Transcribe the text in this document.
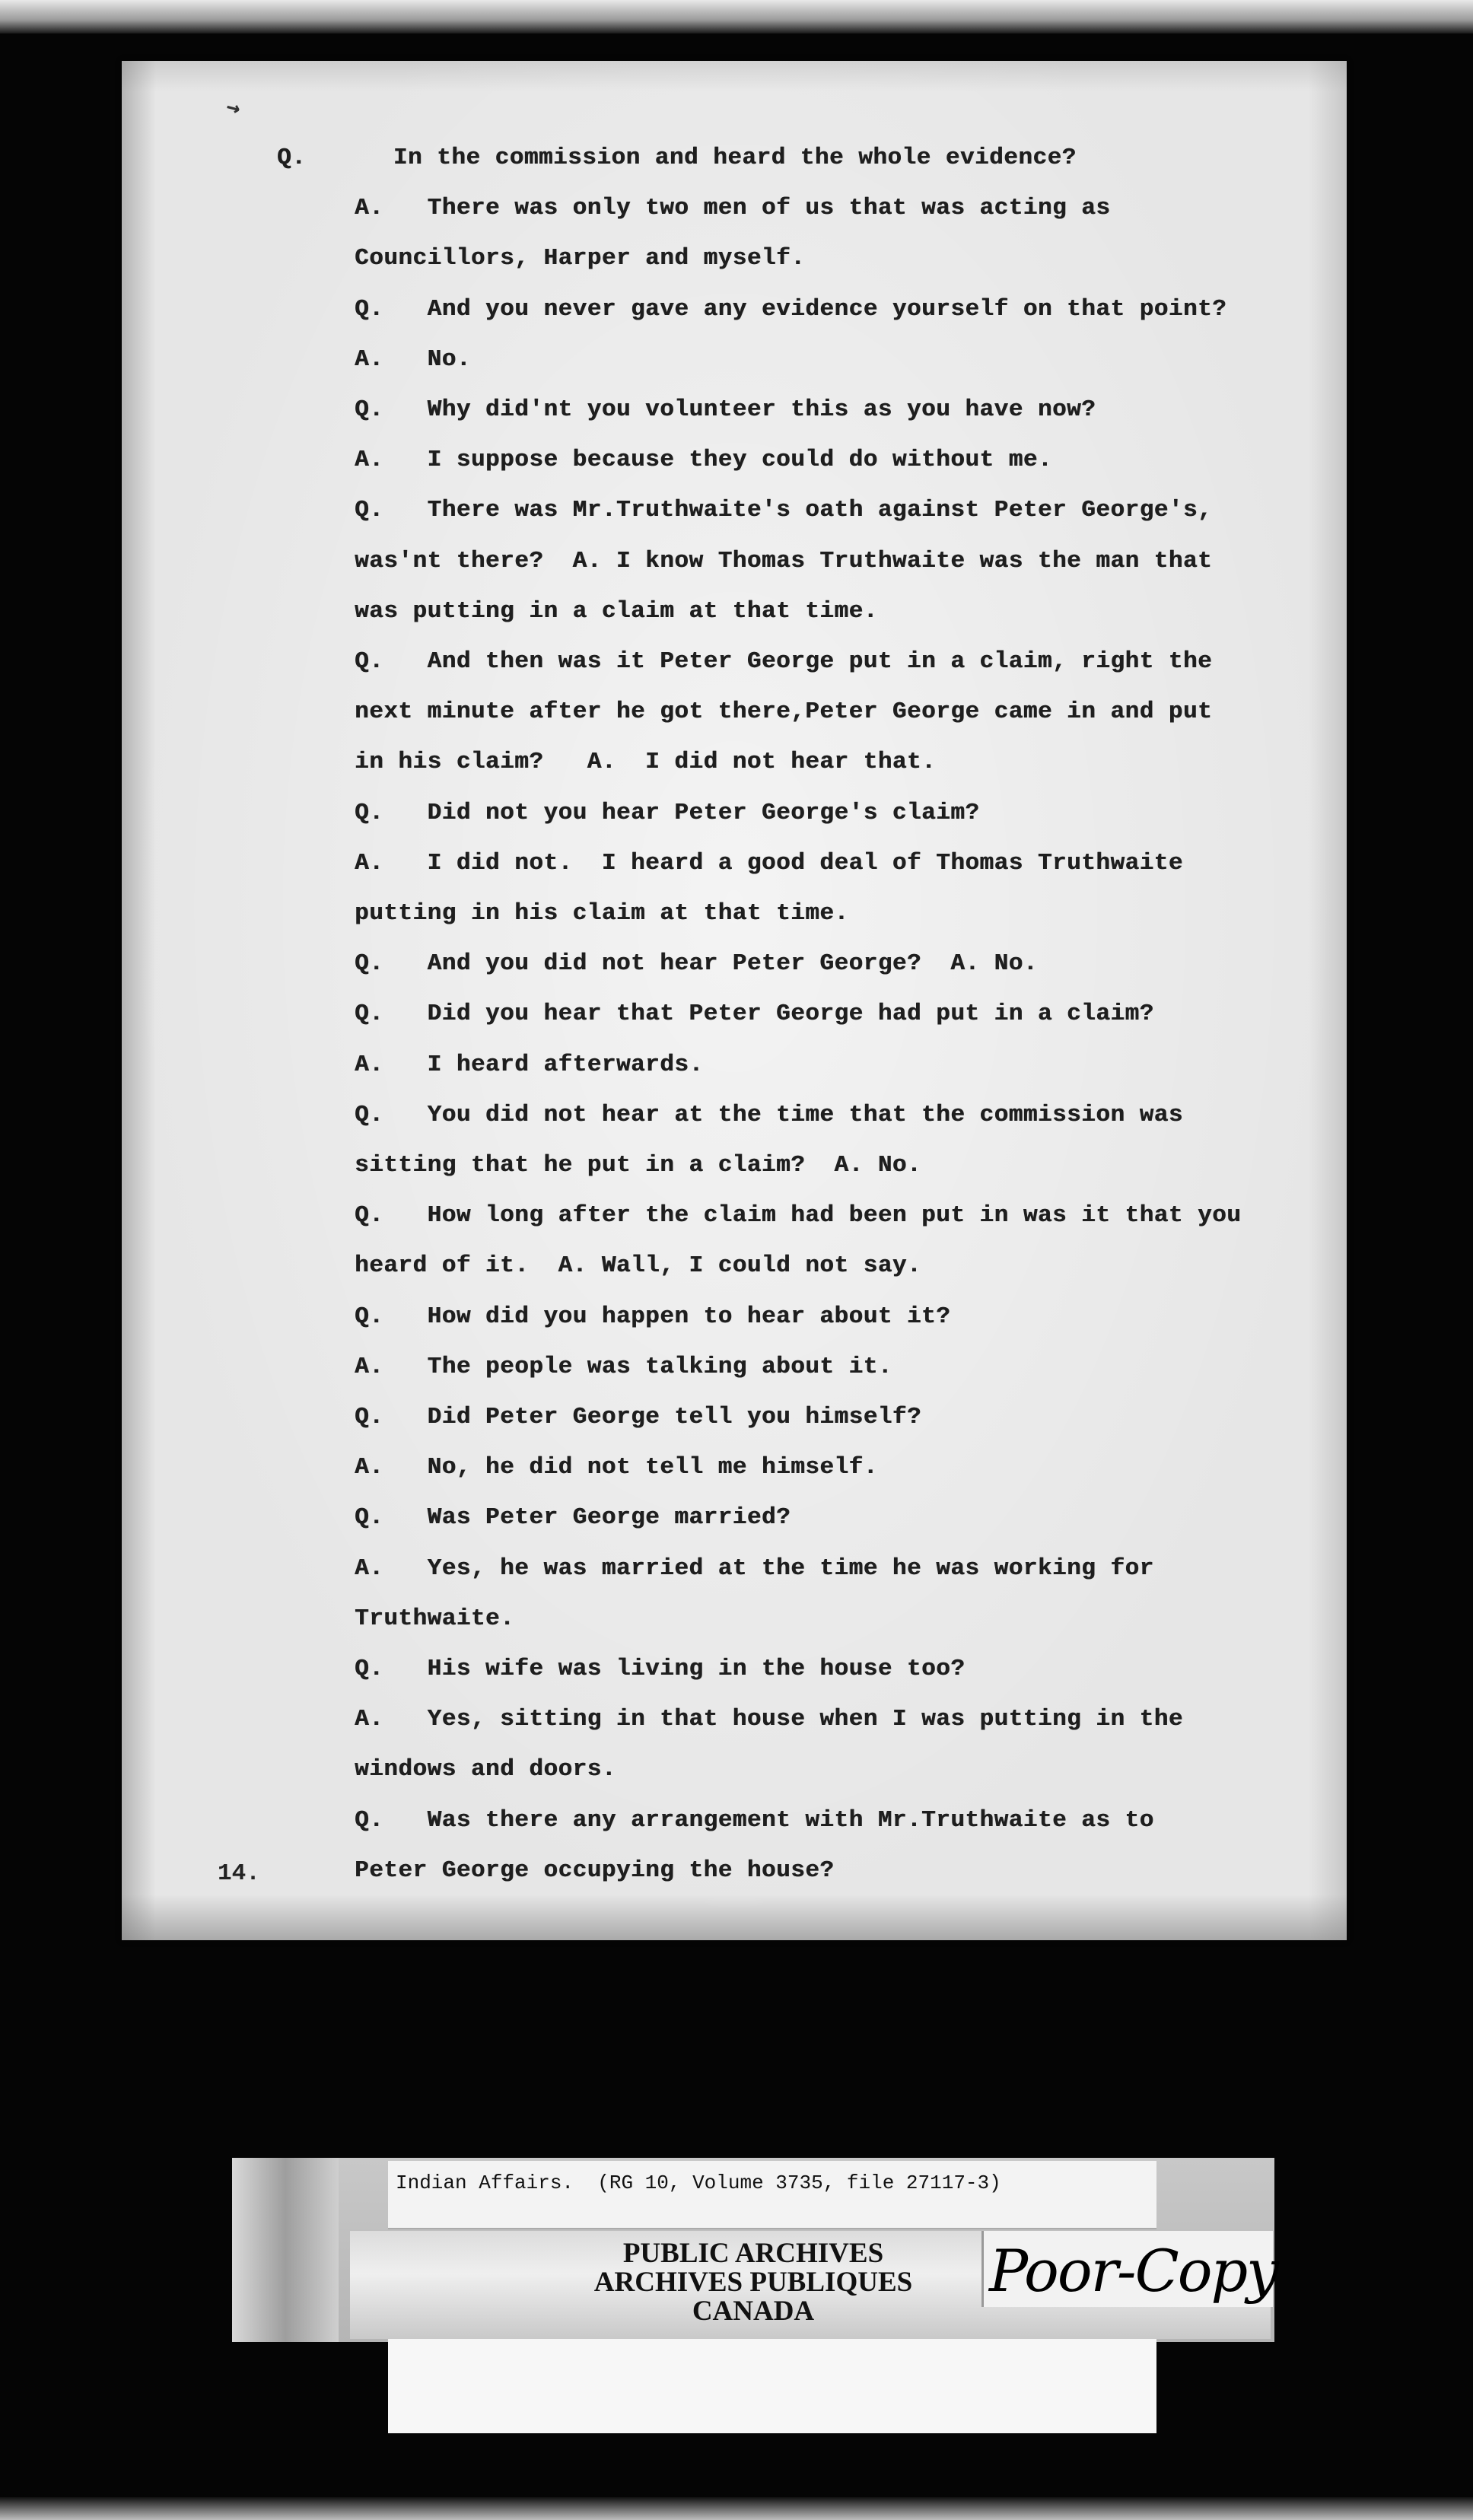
↘
Q.      In the commission and heard the whole evidence?
A.   There was only two men of us that was acting as
Councillors, Harper and myself.
Q.   And you never gave any evidence yourself on that point?
A.   No.
Q.   Why did'nt you volunteer this as you have now?
A.   I suppose because they could do without me.
Q.   There was Mr.Truthwaite's oath against Peter George's,
was'nt there?  A. I know Thomas Truthwaite was the man that
was putting in a claim at that time.
Q.   And then was it Peter George put in a claim, right the
next minute after he got there,Peter George came in and put
in his claim?   A.  I did not hear that.
Q.   Did not you hear Peter George's claim?
A.   I did not.  I heard a good deal of Thomas Truthwaite
putting in his claim at that time.
Q.   And you did not hear Peter George?  A. No.
Q.   Did you hear that Peter George had put in a claim?
A.   I heard afterwards.
Q.   You did not hear at the time that the commission was
sitting that he put in a claim?  A. No.
Q.   How long after the claim had been put in was it that you
heard of it.  A. Wall, I could not say.
Q.   How did you happen to hear about it?
A.   The people was talking about it.
Q.   Did Peter George tell you himself?
A.   No, he did not tell me himself.
Q.   Was Peter George married?
A.   Yes, he was married at the time he was working for
Truthwaite.
Q.   His wife was living in the house too?
A.   Yes, sitting in that house when I was putting in the
windows and doors.
Q.   Was there any arrangement with Mr.Truthwaite as to
Peter George occupying the house?
14.
Indian Affairs.  (RG 10, Volume 3735, file 27117-3)
PUBLIC ARCHIVES
ARCHIVES PUBLIQUES
CANADA
Poor-Copy
